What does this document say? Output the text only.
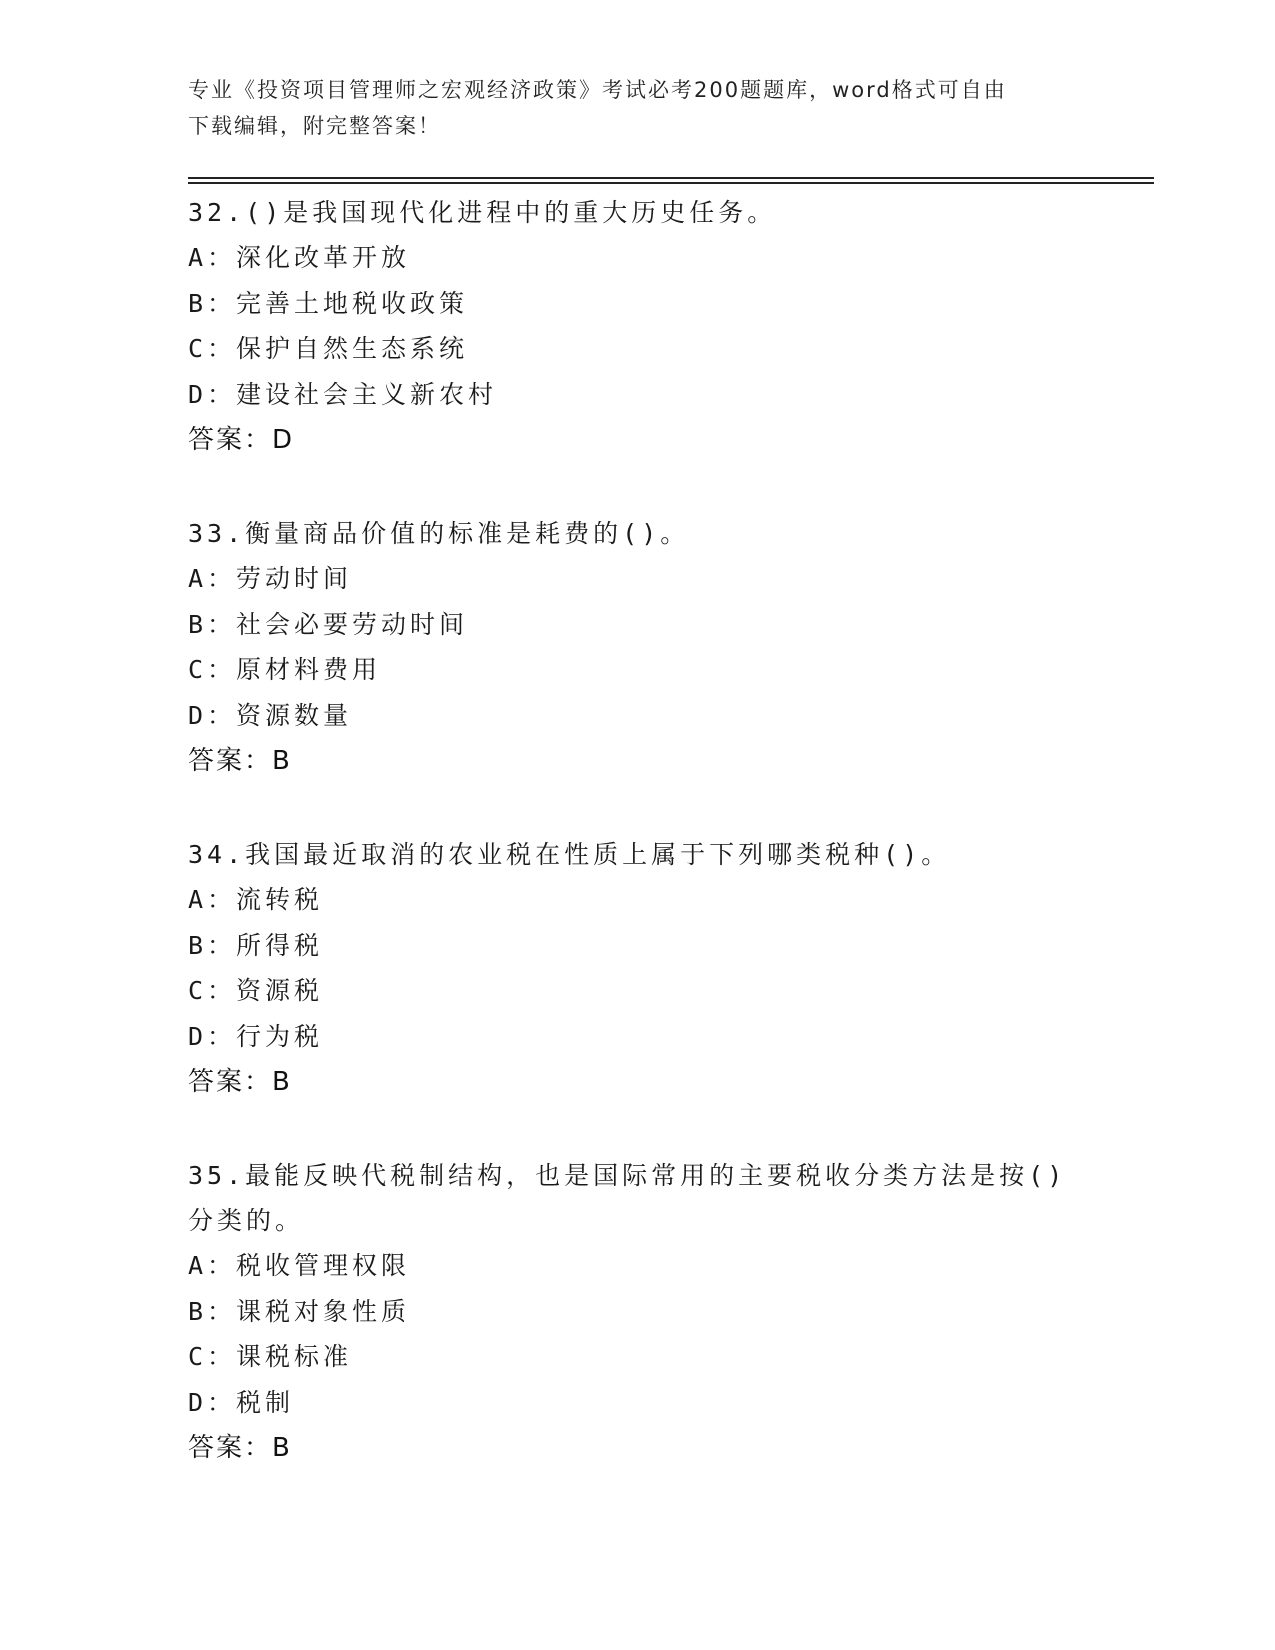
专业《投资项目管理师之宏观经济政策》考试必考200题题库，word格式可自由
下载编辑，附完整答案！

32.()是我国现代化进程中的重大历史任务。

A：深化改革开放

B：完善土地税收政策

C：保护自然生态系统

D：建设社会主义新农村

答案：D

33.衡量商品价值的标准是耗费的()。

A：劳动时间

B：社会必要劳动时间

C：原材料费用

D：资源数量

答案：B

34.我国最近取消的农业税在性质上属于下列哪类税种()。

A：流转税

B：所得税

C：资源税

D：行为税

答案：B

35.最能反映代税制结构，也是国际常用的主要税收分类方法是按()分类的。

A：税收管理权限

B：课税对象性质

C：课税标准

D：税制

答案：B
